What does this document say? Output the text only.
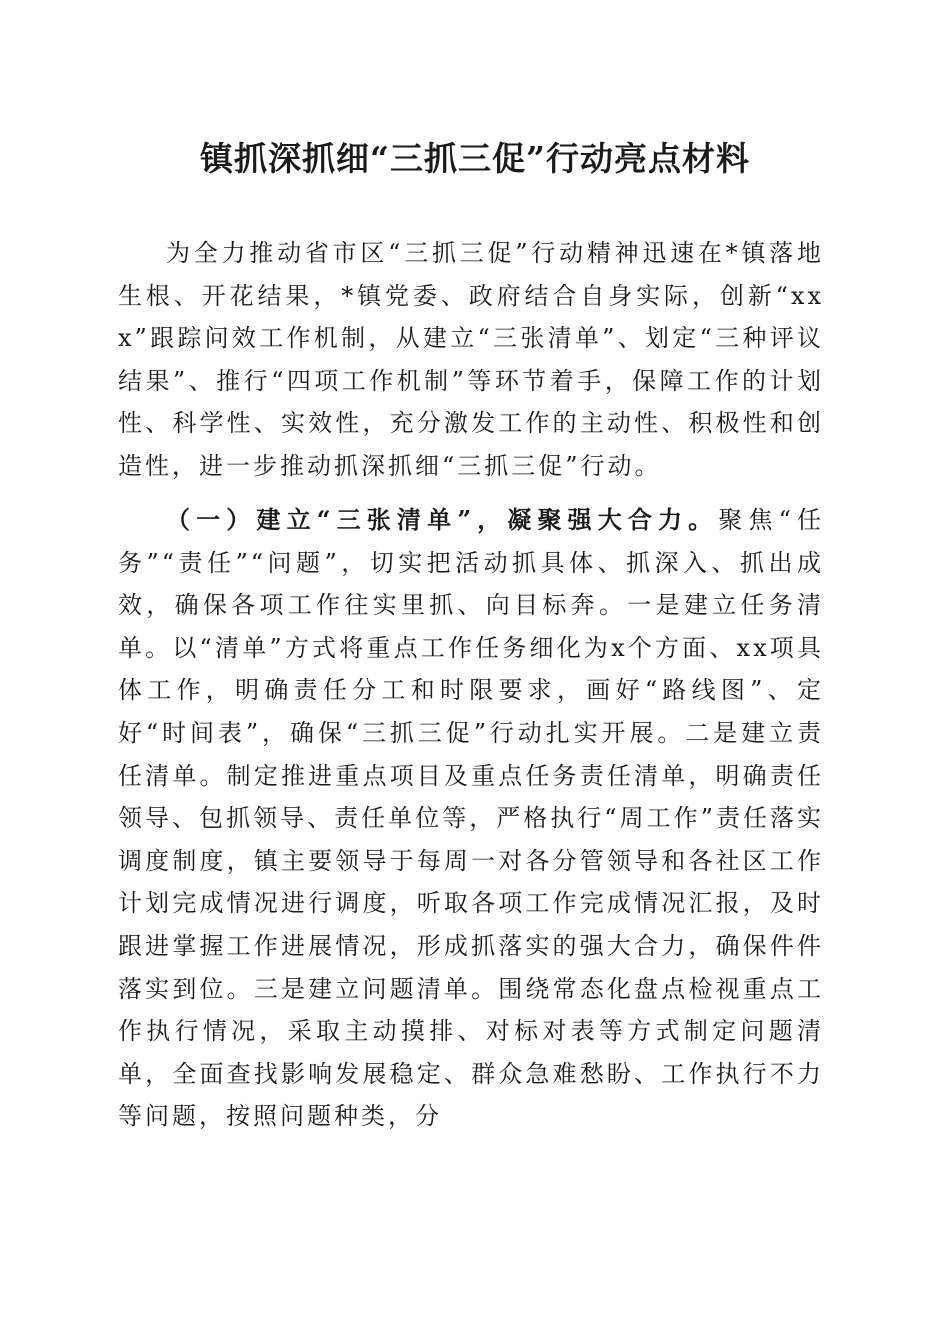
镇抓深抓细“三抓三促”行动亮点材料

为全力推动省市区“三抓三促”行动精神迅速在*镇落地生根、开花结果，*镇党委、政府结合自身实际，创新“xxx”跟踪问效工作机制，从建立“三张清单”、划定“三种评议结果”、推行“四项工作机制”等环节着手，保障工作的计划性、科学性、实效性，充分激发工作的主动性、积极性和创造性，进一步推动抓深抓细“三抓三促”行动。

（一）建立“三张清单”，凝聚强大合力。聚焦“任务”“责任”“问题”，切实把活动抓具体、抓深入、抓出成效，确保各项工作往实里抓、向目标奔。一是建立任务清单。以“清单”方式将重点工作任务细化为x个方面、xx项具体工作，明确责任分工和时限要求，画好“路线图”、定好“时间表”，确保“三抓三促”行动扎实开展。二是建立责任清单。制定推进重点项目及重点任务责任清单，明确责任领导、包抓领导、责任单位等，严格执行“周工作”责任落实调度制度，镇主要领导于每周一对各分管领导和各社区工作计划完成情况进行调度，听取各项工作完成情况汇报，及时跟进掌握工作进展情况，形成抓落实的强大合力，确保件件落实到位。三是建立问题清单。围绕常态化盘点检视重点工作执行情况，采取主动摸排、对标对表等方式制定问题清单，全面查找影响发展稳定、群众急难愁盼、工作执行不力等问题，按照问题种类，分
